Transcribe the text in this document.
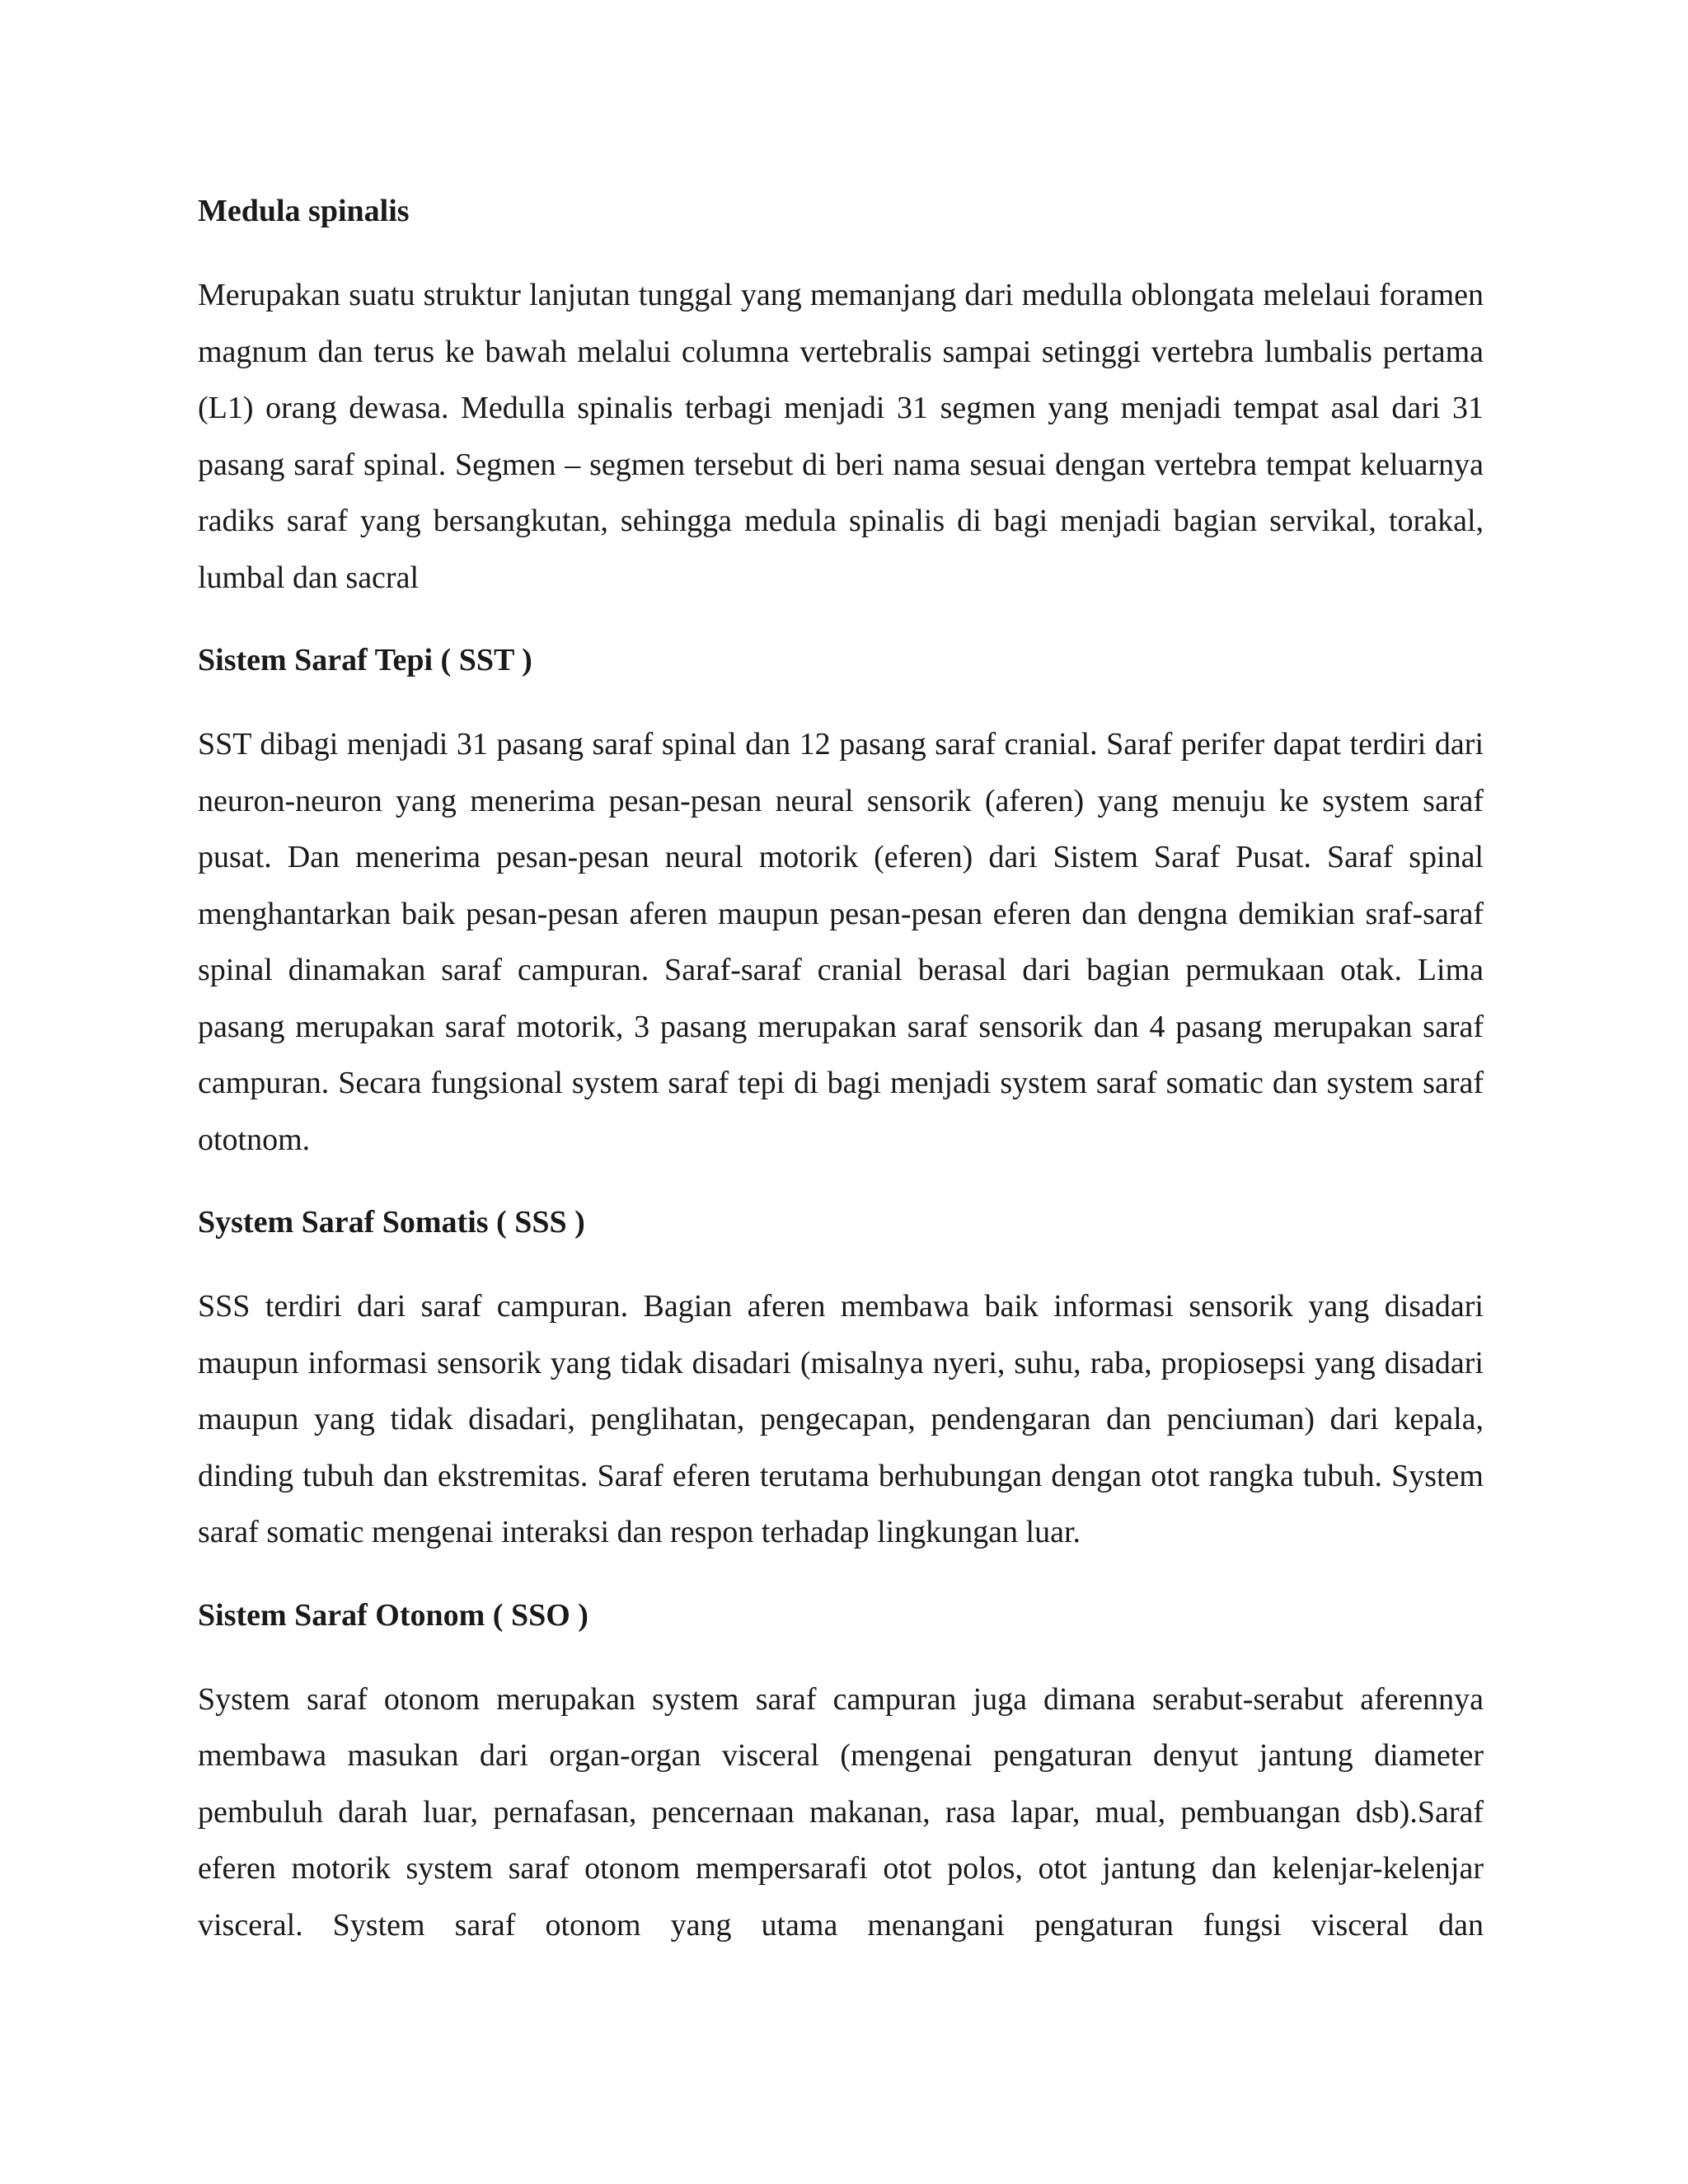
Medula spinalis

Merupakan suatu struktur lanjutan tunggal yang memanjang dari medulla oblongata melelaui foramen magnum dan terus ke bawah melalui columna vertebralis sampai setinggi vertebra lumbalis pertama (L1) orang dewasa. Medulla spinalis terbagi menjadi 31 segmen yang menjadi tempat asal dari 31 pasang saraf spinal. Segmen – segmen tersebut di beri nama sesuai dengan vertebra tempat keluarnya radiks saraf yang bersangkutan, sehingga medula spinalis di bagi menjadi bagian servikal, torakal, lumbal dan sacral

Sistem Saraf Tepi ( SST )

SST dibagi menjadi 31 pasang saraf spinal dan 12 pasang saraf cranial. Saraf perifer dapat terdiri dari neuron-neuron yang menerima pesan-pesan neural sensorik (aferen) yang menuju ke system saraf pusat. Dan menerima pesan-pesan neural motorik (eferen) dari Sistem Saraf Pusat. Saraf spinal menghantarkan baik pesan-pesan aferen maupun pesan-pesan eferen dan dengna demikian sraf-saraf spinal dinamakan saraf campuran. Saraf-saraf cranial berasal dari bagian permukaan otak. Lima pasang merupakan saraf motorik, 3 pasang merupakan saraf sensorik dan 4 pasang merupakan saraf campuran. Secara fungsional system saraf tepi di bagi menjadi system saraf somatic dan system saraf ototnom.

System Saraf Somatis ( SSS )

SSS terdiri dari saraf campuran. Bagian aferen membawa baik informasi sensorik yang disadari maupun informasi sensorik yang tidak disadari (misalnya nyeri, suhu, raba, propiosepsi yang disadari maupun yang tidak disadari, penglihatan, pengecapan, pendengaran dan penciuman) dari kepala, dinding tubuh dan ekstremitas. Saraf eferen terutama berhubungan dengan otot rangka tubuh. System saraf somatic mengenai interaksi dan respon terhadap lingkungan luar.

Sistem Saraf Otonom ( SSO )

System saraf otonom merupakan system saraf campuran juga dimana serabut-serabut aferennya membawa masukan dari organ-organ visceral (mengenai pengaturan denyut jantung diameter pembuluh darah luar, pernafasan, pencernaan makanan, rasa lapar, mual, pembuangan dsb).Saraf eferen motorik system saraf otonom mempersarafi otot polos, otot jantung dan kelenjar-kelenjar visceral. System saraf otonom yang utama menangani pengaturan fungsi visceral dan
